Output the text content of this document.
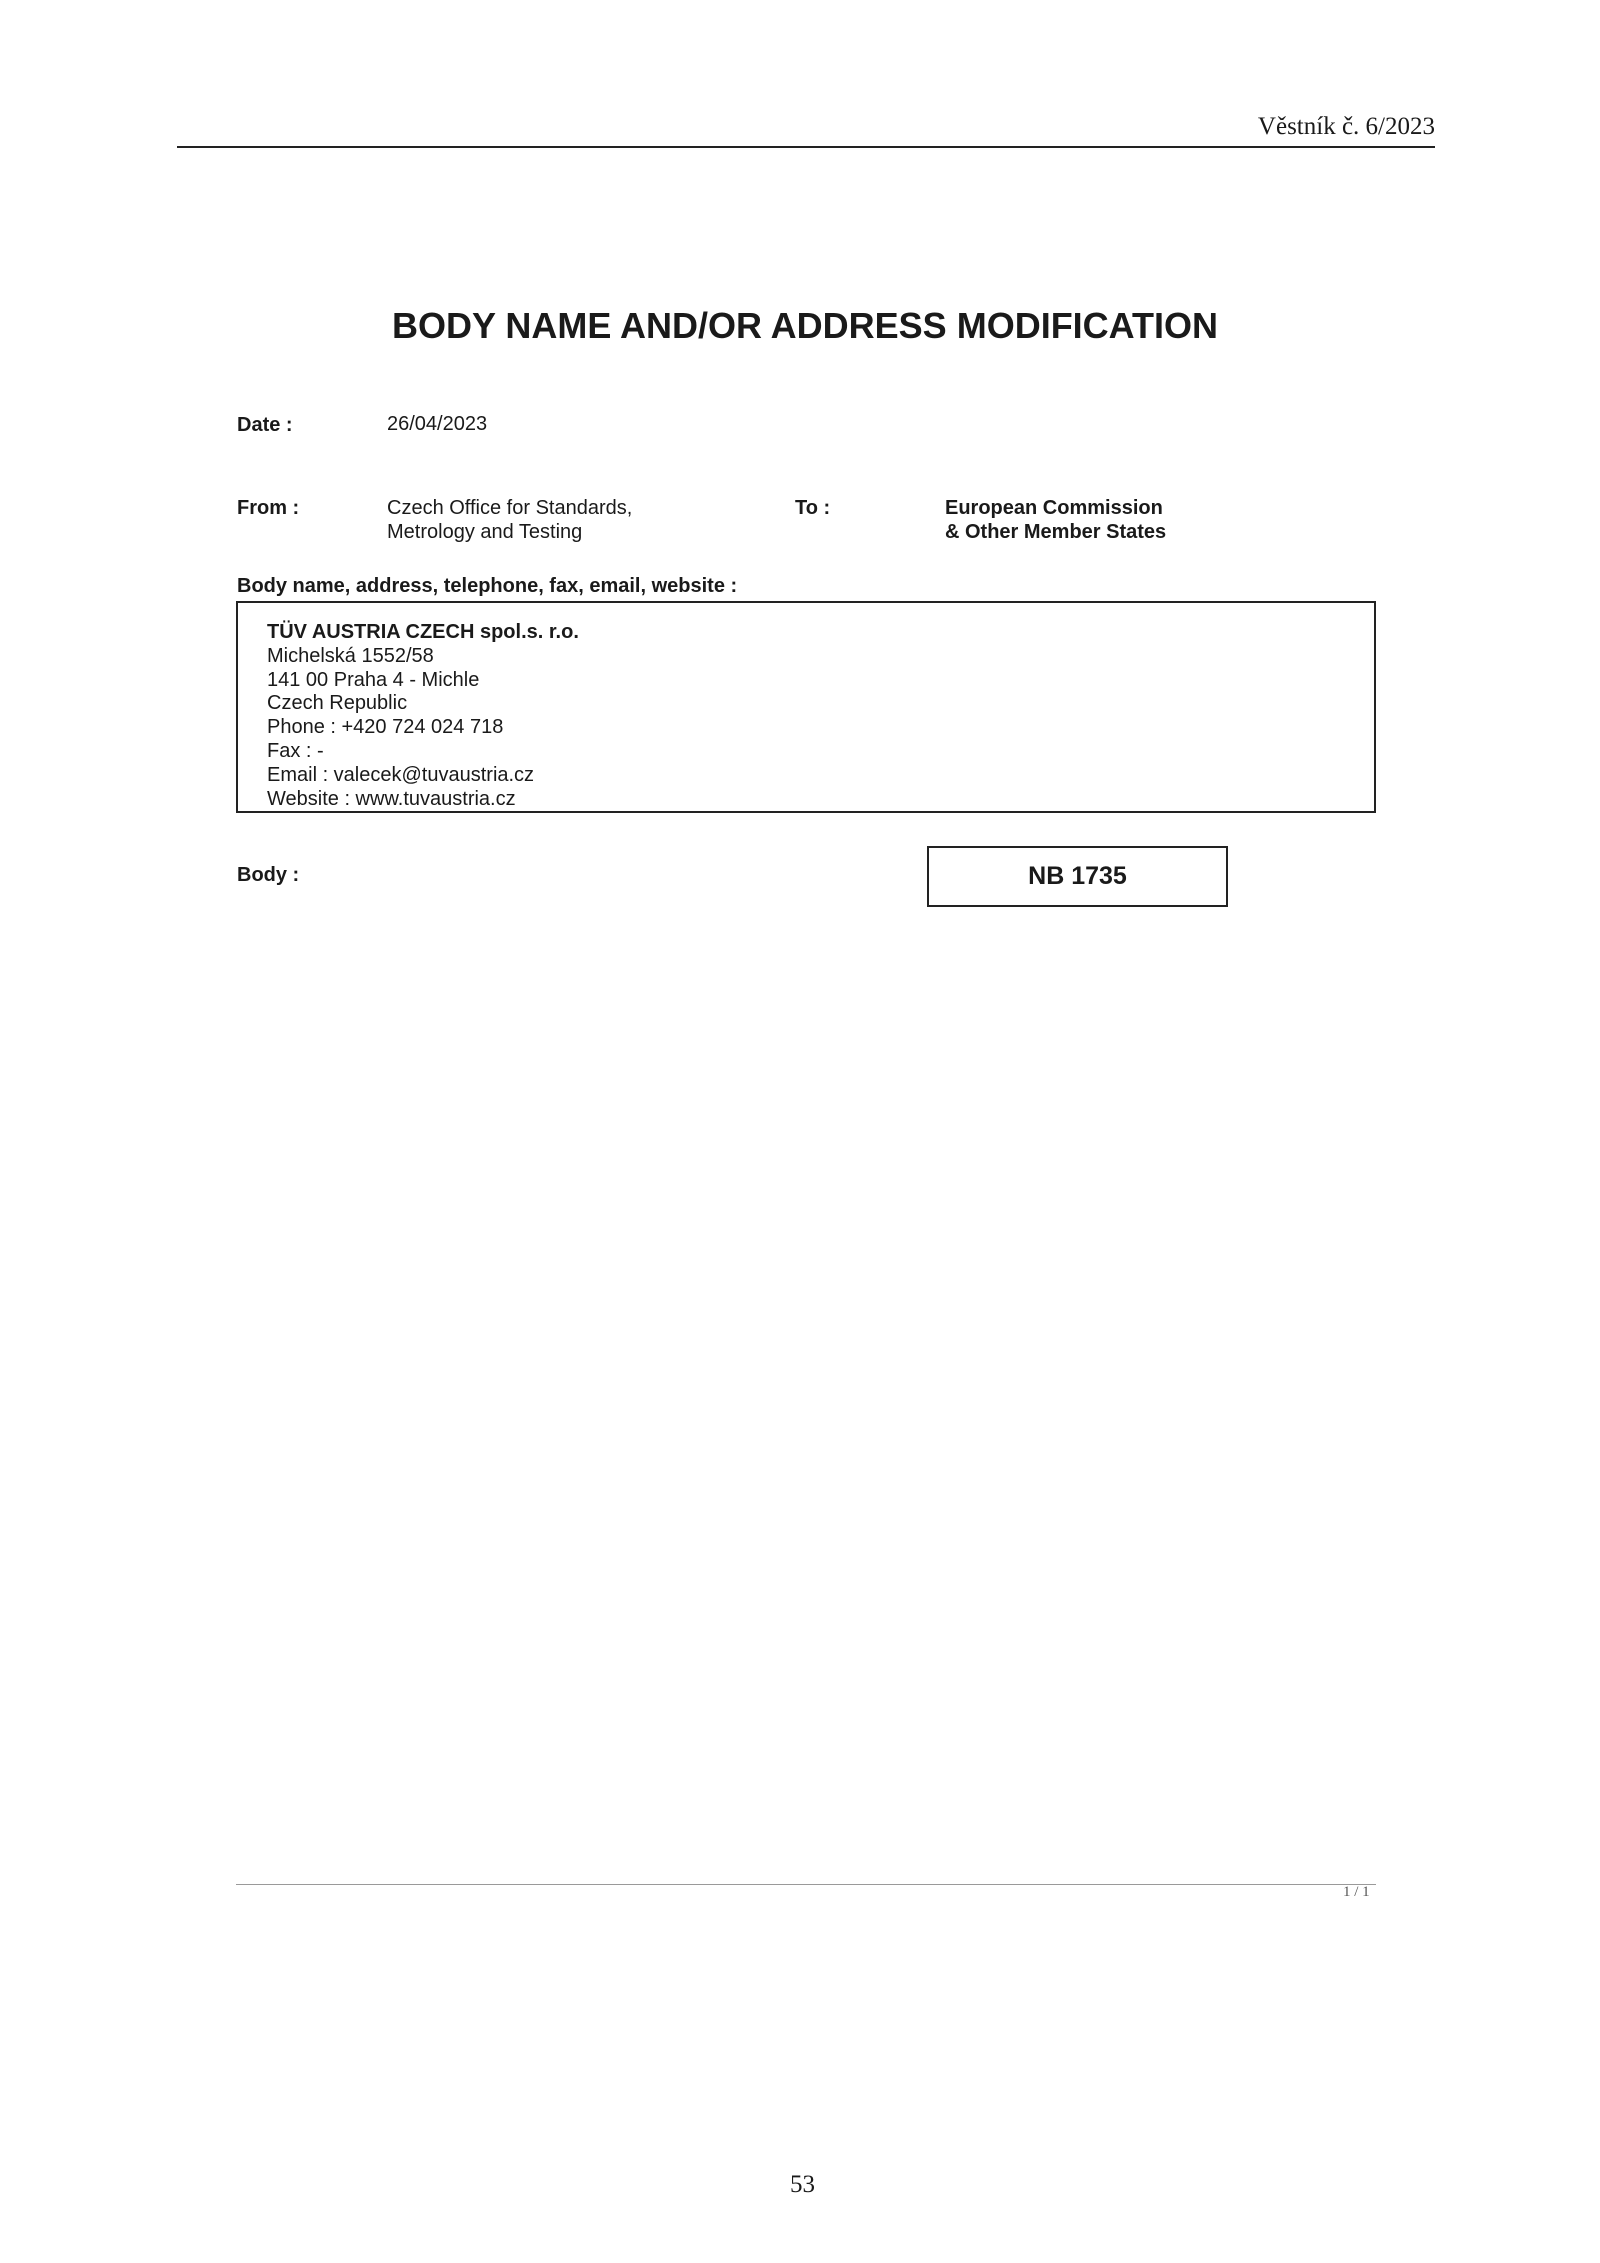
Věstník č. 6/2023
BODY NAME AND/OR ADDRESS MODIFICATION
Date :	26/04/2023
From :	Czech Office for Standards,
Metrology and Testing
To :	European Commission
& Other Member States
Body name, address, telephone, fax, email, website :
TÜV AUSTRIA CZECH spol.s. r.o.
Michelská 1552/58
141 00 Praha 4 - Michle
Czech Republic
Phone : +420 724 024 718
Fax : -
Email : valecek@tuvaustria.cz
Website : www.tuvaustria.cz
Body :	NB 1735
1 / 1
53
